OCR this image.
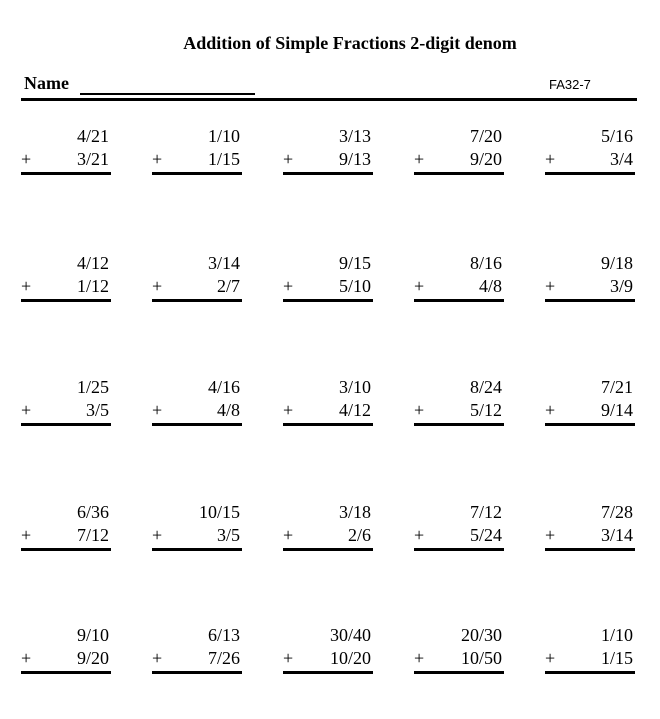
Addition of Simple Fractions 2-digit denom
Name	FA32-7
4/21
+	3/21
1/10
+	1/15
3/13
+	9/13
7/20
+	9/20
5/16
+	3/4
4/12
+	1/12
3/14
+	2/7
9/15
+	5/10
8/16
+	4/8
9/18
+	3/9
1/25
+	3/5
4/16
+	4/8
3/10
+	4/12
8/24
+	5/12
7/21
+	9/14
6/36
+	7/12
10/15
+	3/5
3/18
+	2/6
7/12
+	5/24
7/28
+	3/14
9/10
+	9/20
6/13
+	7/26
30/40
+ 10/20
20/30
+ 10/50
1/10
+	1/15
